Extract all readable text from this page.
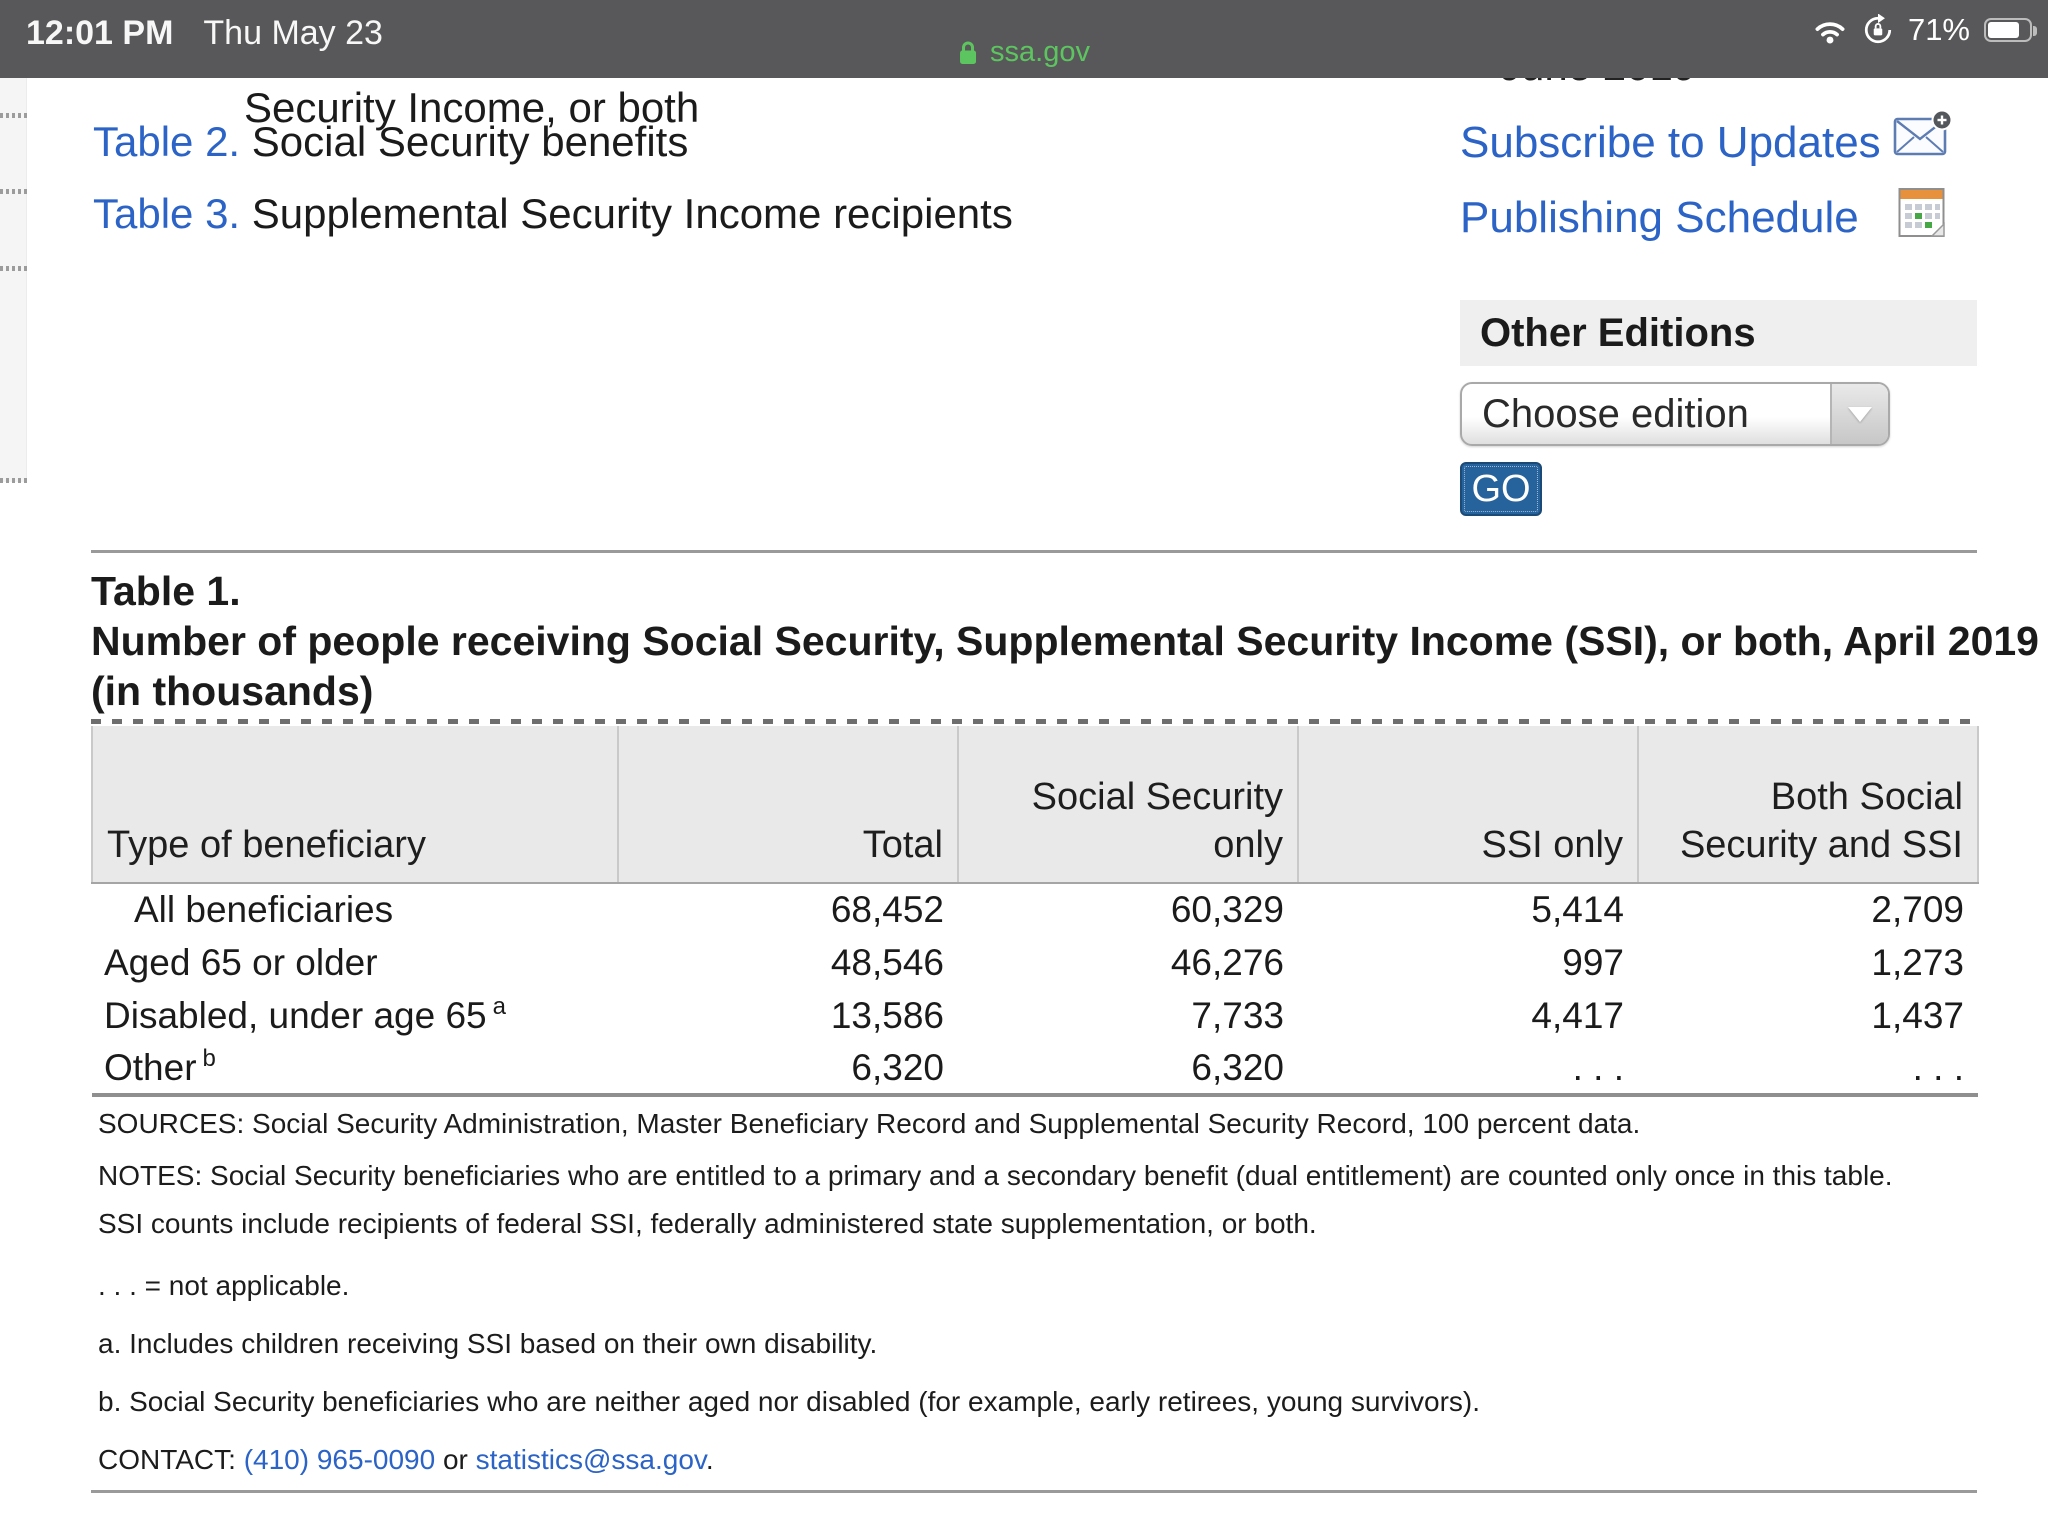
12:01 PM Thu May 23	71%
ssa.gov
Security Income, or both
Table 2. Social Security benefits
Table 3. Supplemental Security Income recipients
Subscribe to Updates
Publishing Schedule
Other Editions
Choose edition
GO
Table 1.
Number of people receiving Social Security, Supplemental Security Income (SSI), or both, April 2019
(in thousands)
Type of beneficiary	Total	Social Security only	SSI only	Both Social Security and SSI
All beneficiaries	68,452	60,329	5,414	2,709
Aged 65 or older	48,546	46,276	997	1,273
Disabled, under age 65 $^a$	13,586	7,733	4,417	1,437
Other $^b$	6,320	6,320	. . .	. . .
SOURCES: Social Security Administration, Master Beneficiary Record and Supplemental Security Record, 100 percent data.
NOTES: Social Security beneficiaries who are entitled to a primary and a secondary benefit (dual entitlement) are counted only once in this table. SSI counts include recipients of federal SSI, federally administered state supplementation, or both.
. . . = not applicable.
a. Includes children receiving SSI based on their own disability.
b. Social Security beneficiaries who are neither aged nor disabled (for example, early retirees, young survivors).
CONTACT: (410) 965-0090 or statistics@ssa.gov.
